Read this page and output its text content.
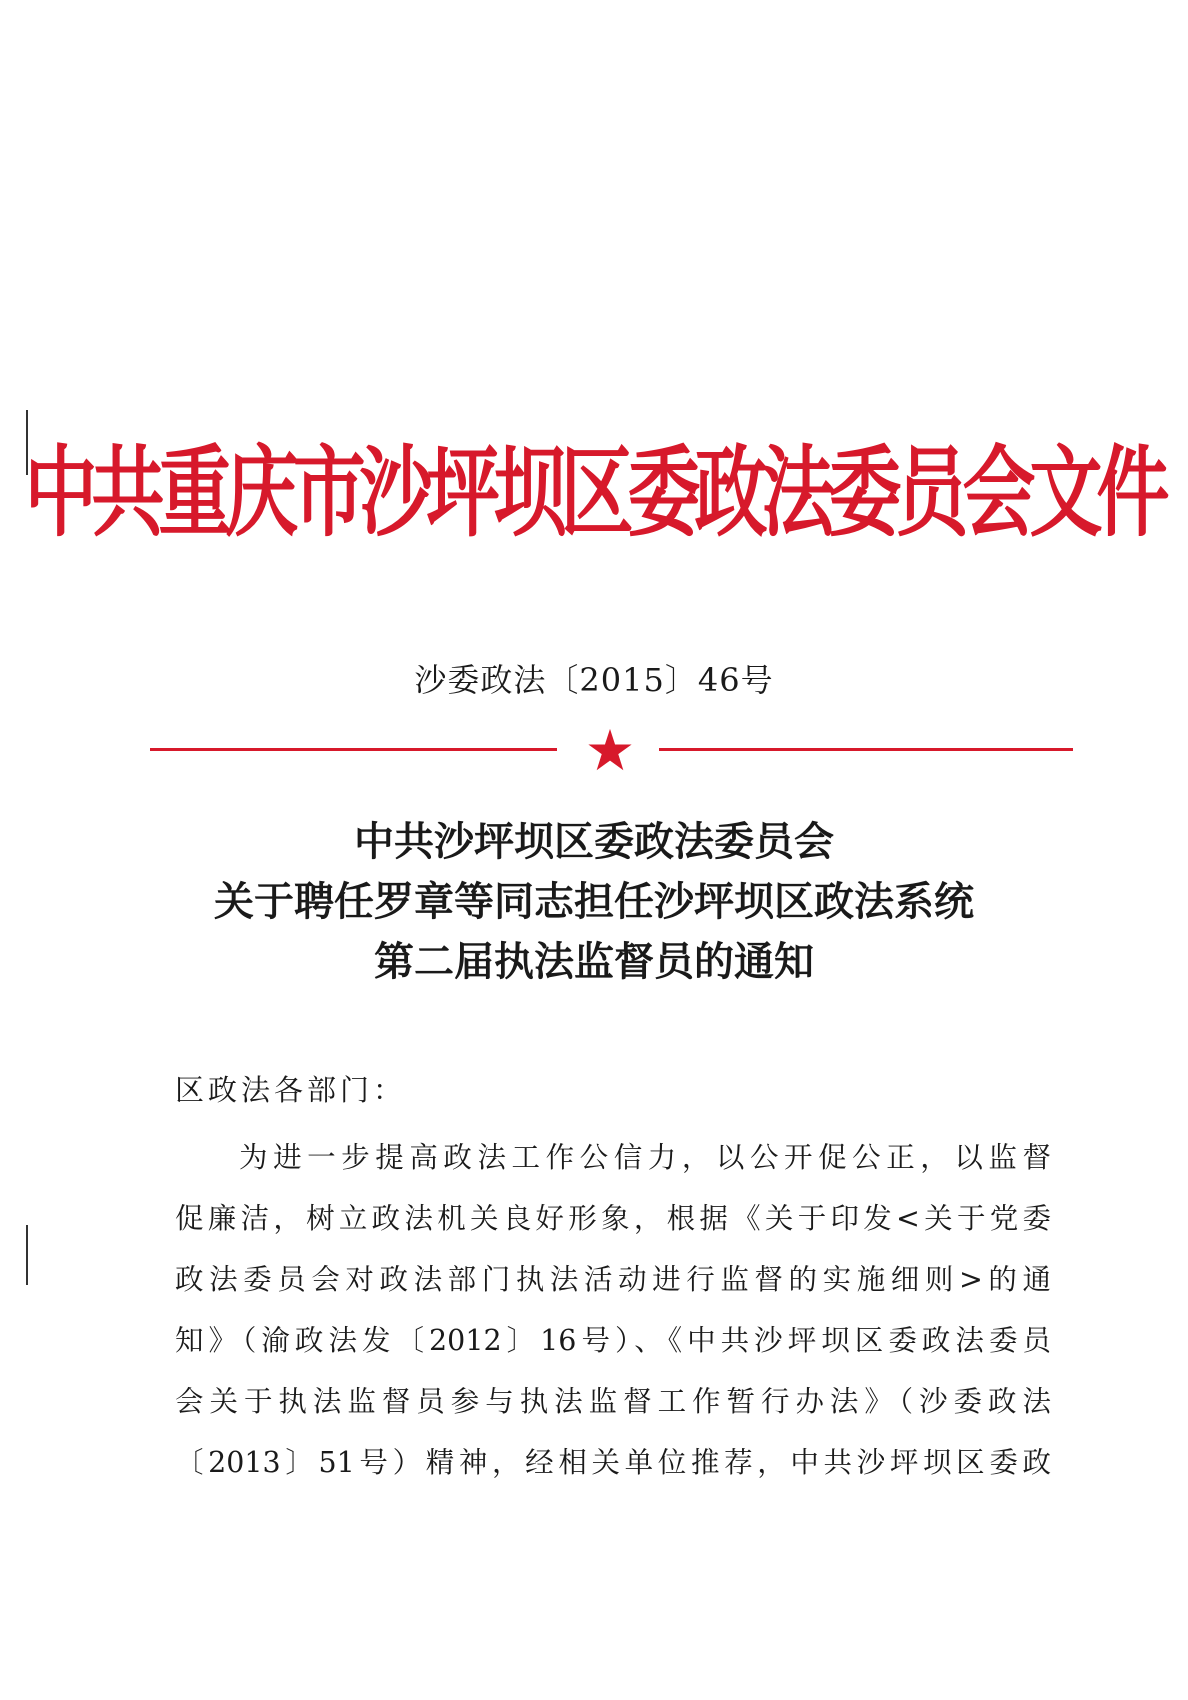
中共重庆市沙坪坝区委政法委员会文件
沙委政法〔2015〕46号
中共沙坪坝区委政法委员会
关于聘任罗章等同志担任沙坪坝区政法系统
第二届执法监督员的通知
区政法各部门：
为进一步提高政法工作公信力，以公开促公正，以监督
促廉洁，树立政法机关良好形象，根据《关于印发<关于党委
政法委员会对政法部门执法活动进行监督的实施细则>的通
知》（渝政法发〔2012〕16号）、《中共沙坪坝区委政法委员
会关于执法监督员参与执法监督工作暂行办法》（沙委政法
〔2013〕51号）精神，经相关单位推荐，中共沙坪坝区委政
